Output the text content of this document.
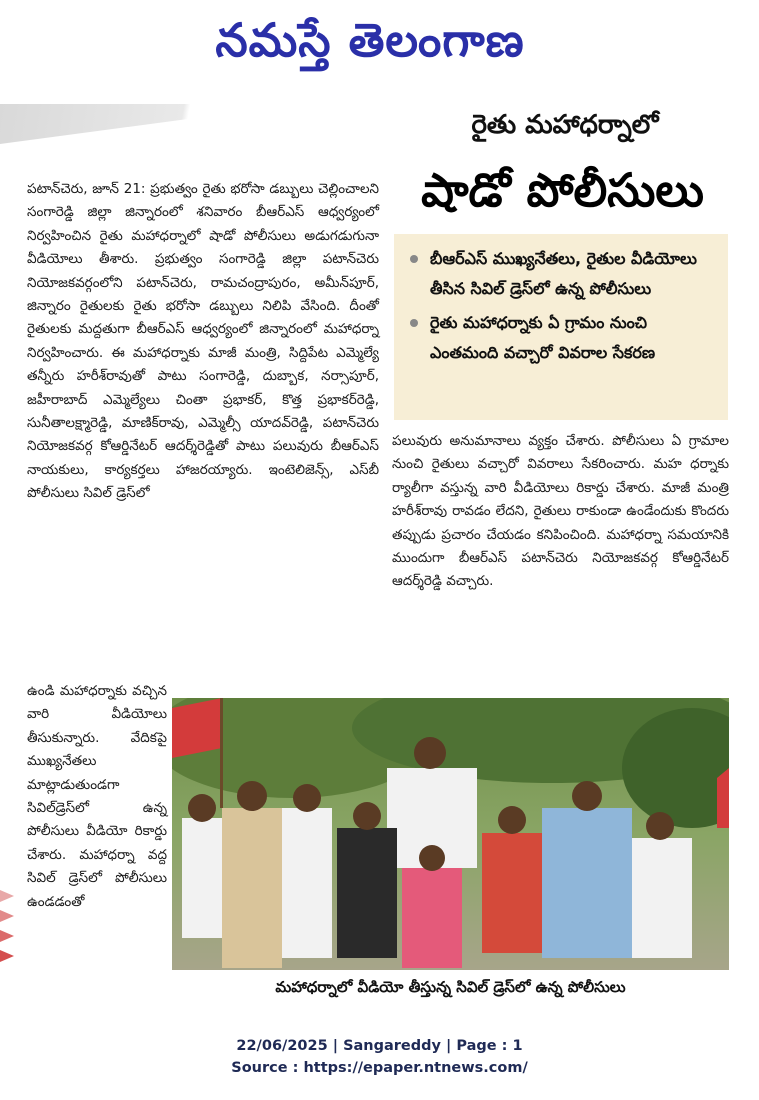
నమస్తే తెలంగాణ
రైతు మహాధర్నాలో
షాడో పోలీసులు
బీఆర్‌ఎస్ ముఖ్యనేతలు, రైతుల వీడియోలు తీసిన సివిల్ డ్రెస్‌లో ఉన్న పోలీసులు
రైతు మహాధర్నాకు ఏ గ్రామం నుంచి ఎంతమంది వచ్చారో వివరాల సేకరణ

పటాన్‌చెరు, జూన్ 21: ప్రభుత్వం రైతు భరోసా డబ్బులు చెల్లించాలని సంగారెడ్డి జిల్లా జిన్నారంలో శనివారం బీఆర్‌ఎస్ ఆధ్వర్యంలో నిర్వహించిన రైతు మహాధర్నాలో షాడో పోలీసులు అడుగడుగునా వీడియోలు తీశారు. ప్రభుత్వం సంగారెడ్డి జిల్లా పటాన్‌చెరు నియోజకవర్గంలోని పటాన్‌చెరు, రామచంద్రాపురం, అమీన్‌పూర్, జిన్నారం రైతులకు రైతు భరోసా డబ్బులు నిలిపి వేసింది. దీంతో రైతులకు మద్దతుగా బీఆర్‌ఎస్ ఆధ్వర్యంలో జిన్నారంలో మహాధర్నా నిర్వహించారు. ఈ మహాధర్నాకు మాజీ మంత్రి, సిద్దిపేట ఎమ్మెల్యే తన్నీరు హరీశ్‌రావుతో పాటు సంగారెడ్డి, దుబ్బాక, నర్సాపూర్, జహీరాబాద్ ఎమ్మెల్యేలు చింతా ప్రభాకర్, కొత్త ప్రభాకర్‌రెడ్డి, సునీతాలక్ష్మారెడ్డి, మాణిక్‌రావు, ఎమ్మెల్సీ యాదవ్‌రెడ్డి, పటాన్‌చెరు నియోజకవర్గ కోఆర్డినేటర్ ఆదర్శ్‌రెడ్డితో పాటు పలువురు బీఆర్‌ఎస్ నాయకులు, కార్యకర్తలు హాజరయ్యారు. ఇంటెలిజెన్స్, ఎస్‌బీ పోలీసులు సివిల్ డ్రెస్‌లో

ఉండి మహాధర్నాకు వచ్చిన వారి వీడియోలు తీసుకున్నారు. వేదికపై ముఖ్యనేతలు మాట్లాడుతుండగా సివిల్‌డ్రెస్‌లో ఉన్న పోలీసులు వీడియో రికార్డు చేశారు. మహాధర్నా వద్ద సివిల్ డ్రెస్‌లో పోలీసులు ఉండడంతో

పలువురు అనుమానాలు వ్యక్తం చేశారు. పోలీసులు ఏ గ్రామాల నుంచి రైతులు వచ్చారో వివరాలు సేకరించారు. మహ ధర్నాకు ర్యాలీగా వస్తున్న వారి వీడియోలు రికార్డు చేశారు. మాజీ మంత్రి హరీశ్‌రావు రావడం లేదని, రైతులు రాకుండా ఉండేందుకు కొందరు తప్పుడు ప్రచారం చేయడం కనిపించింది. మహాధర్నా సమయానికి ముందుగా బీఆర్‌ఎస్ పటాన్‌చెరు నియోజకవర్గ కోఆర్డినేటర్ ఆదర్శ్‌రెడ్డి వచ్చారు.

మహాధర్నాలో వీడియో తీస్తున్న సివిల్ డ్రెస్‌లో ఉన్న పోలీసులు
22/06/2025 | Sangareddy | Page : 1
Source : https://epaper.ntnews.com/
